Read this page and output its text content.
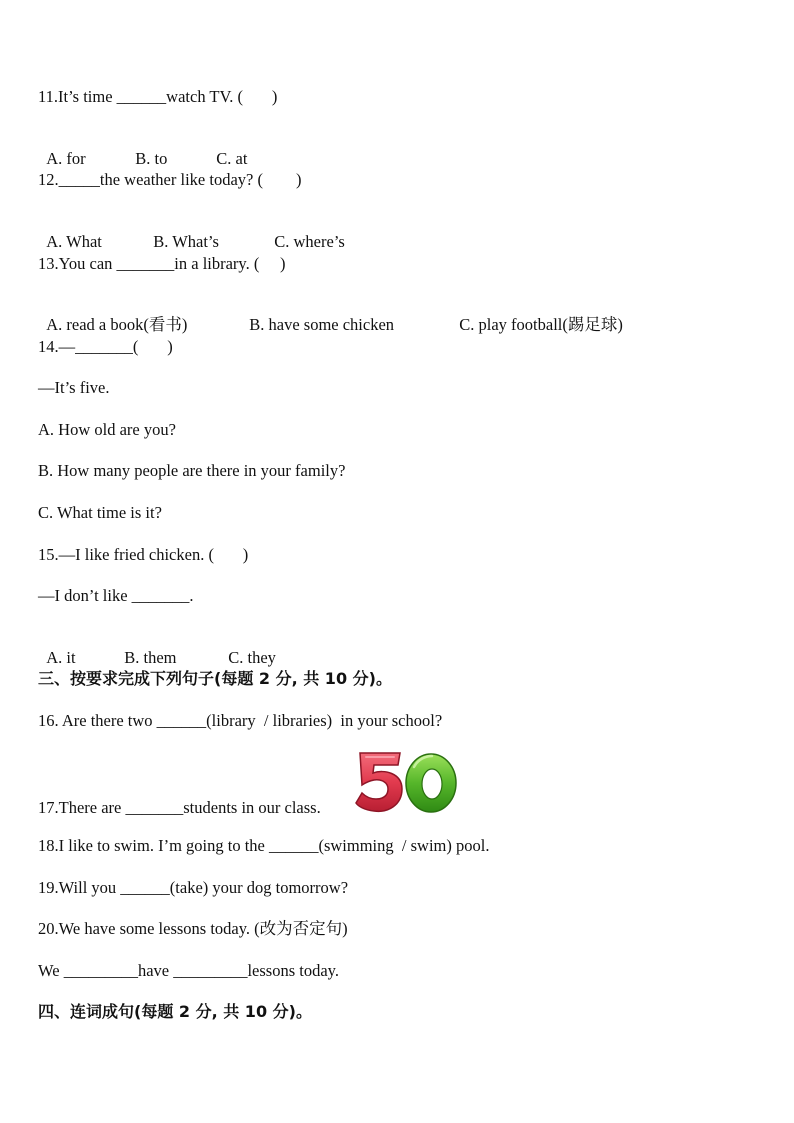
11.It’s time ______watch TV. (       )

A. for	B. to	C. at

12._____the weather like today? (        )

A. What	B. What’s	C. where’s

13.You can _______in a library. (     )

A. read a book(看书)	B. have some chicken	C. play football(踢足球)

14.—_______(       )
—It’s five.
A. How old are you?
B. How many people are there in your family?
C. What time is it?
15.—I like fried chicken. (       )
—I don’t like _______.

A. it	B. them	C. they

三、按要求完成下列句子(每题 2 分, 共 10 分)。
16. Are there two ______(library  / libraries)  in your school?
17.There are _______students in our class.
18.I like to swim. I’m going to the ______(swimming  / swim) pool.
19.Will you ______(take) your dog tomorrow?
20.We have some lessons today. (改为否定句)
We _________have _________lessons today.
四、连词成句(每题 2 分, 共 10 分)。
